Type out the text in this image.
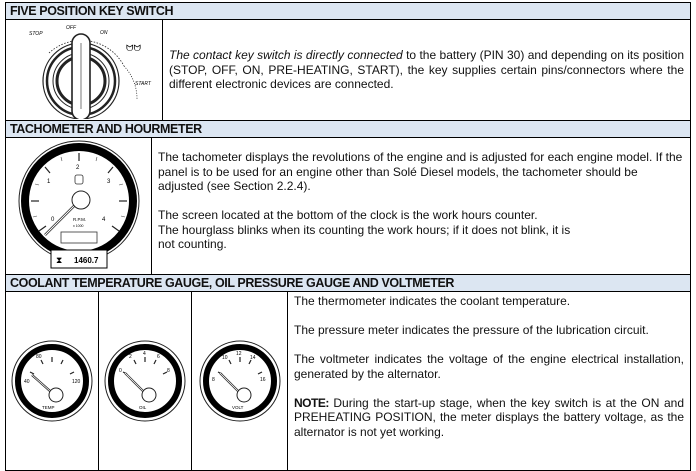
FIVE POSITION KEY SWITCH
STOP
OFF
ON
ᗢᗢ
START

The contact key switch is directly connected to the battery (PIN 30) and depending on its position (STOP, OFF, ON, PRE-HEATING, START), the key supplies certain pins/connectors where the different electronic devices are connected.

TACHOMETER AND HOURMETER
2
1	3
0	4
R.P.M.
x 1000
⧗ 1460.7

The tachometer displays the revolutions of the engine and is adjusted for each engine model. If the panel is to be used for an engine other than Solé Diesel models, the tachometer should be adjusted (see Section 2.2.4).

The screen located at the bottom of the clock is the work hours counter.

The hourglass blinks when its counting the work hours; if it does not blink, it is not counting.

COOLANT TEMPERATURE GAUGE, OIL PRESSURE GAUGE AND VOLTMETER
40
80
120
TEMP
0
2 4 6
8
OIL
8
10
12
14
16
VOLT

The thermometer indicates the coolant temperature.

The pressure meter indicates the pressure of the lubrication circuit.

The voltmeter indicates the voltage of the engine electrical installation,

generated by the alternator.

NOTE: During the start-up stage, when the key switch is at the ON and PREHEATING POSITION, the meter displays the battery voltage, as the alternator is not yet working.
